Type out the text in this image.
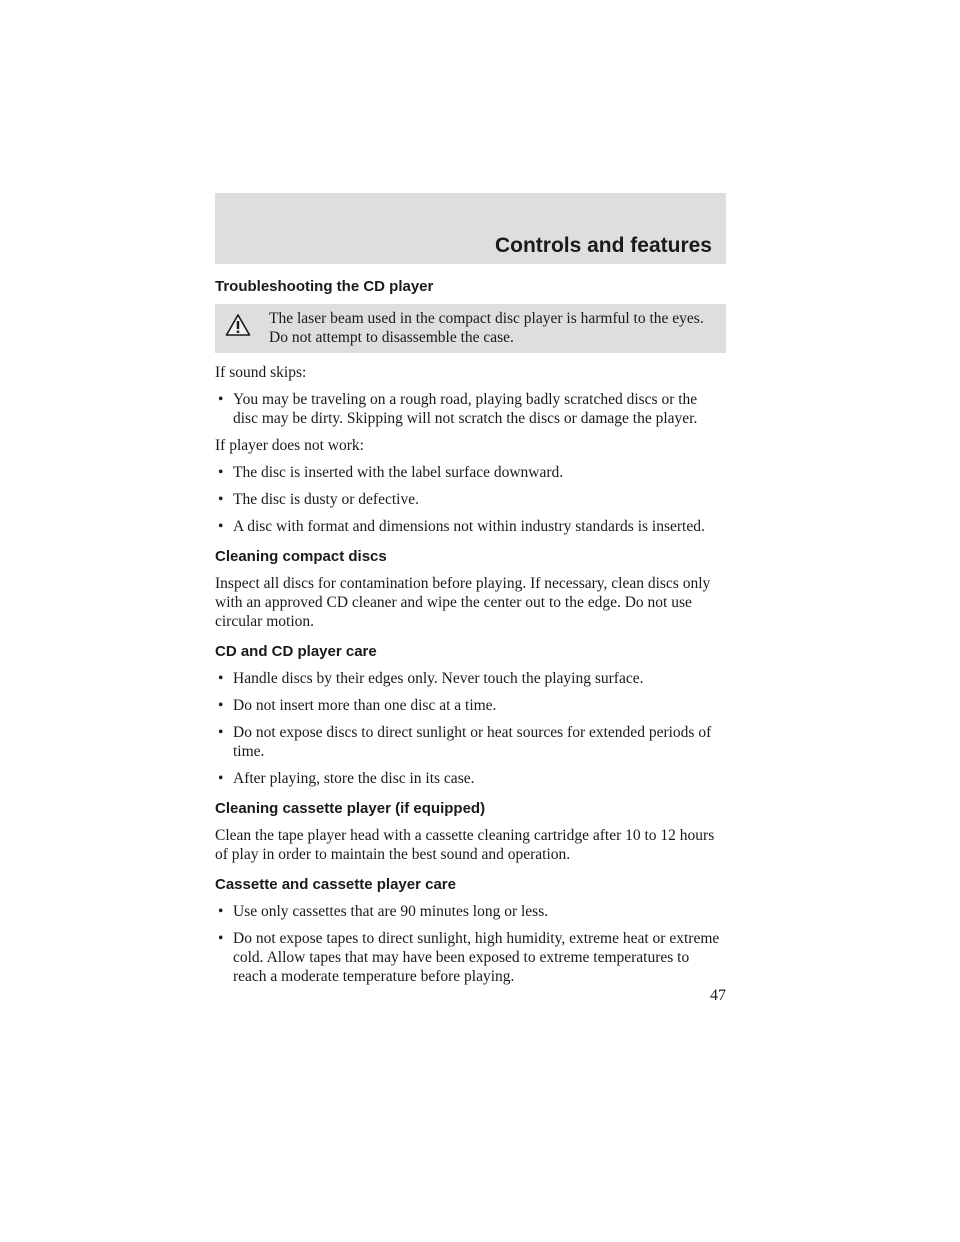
Controls and features
Troubleshooting the CD player

The laser beam used in the compact disc player is harmful to the eyes. Do not attempt to disassemble the case.

If sound skips:

• You may be traveling on a rough road, playing badly scratched discs or the disc may be dirty. Skipping will not scratch the discs or damage the player.

If player does not work:

• The disc is inserted with the label surface downward.
• The disc is dusty or defective.
• A disc with format and dimensions not within industry standards is inserted.
Cleaning compact discs

Inspect all discs for contamination before playing. If necessary, clean discs only with an approved CD cleaner and wipe the center out to the edge. Do not use circular motion.

CD and CD player care
• Handle discs by their edges only. Never touch the playing surface.
• Do not insert more than one disc at a time.
• Do not expose discs to direct sunlight or heat sources for extended periods of time.
• After playing, store the disc in its case.
Cleaning cassette player (if equipped)

Clean the tape player head with a cassette cleaning cartridge after 10 to 12 hours of play in order to maintain the best sound and operation.

Cassette and cassette player care
• Use only cassettes that are 90 minutes long or less.
• Do not expose tapes to direct sunlight, high humidity, extreme heat or extreme cold. Allow tapes that may have been exposed to extreme temperatures to reach a moderate temperature before playing.
47
